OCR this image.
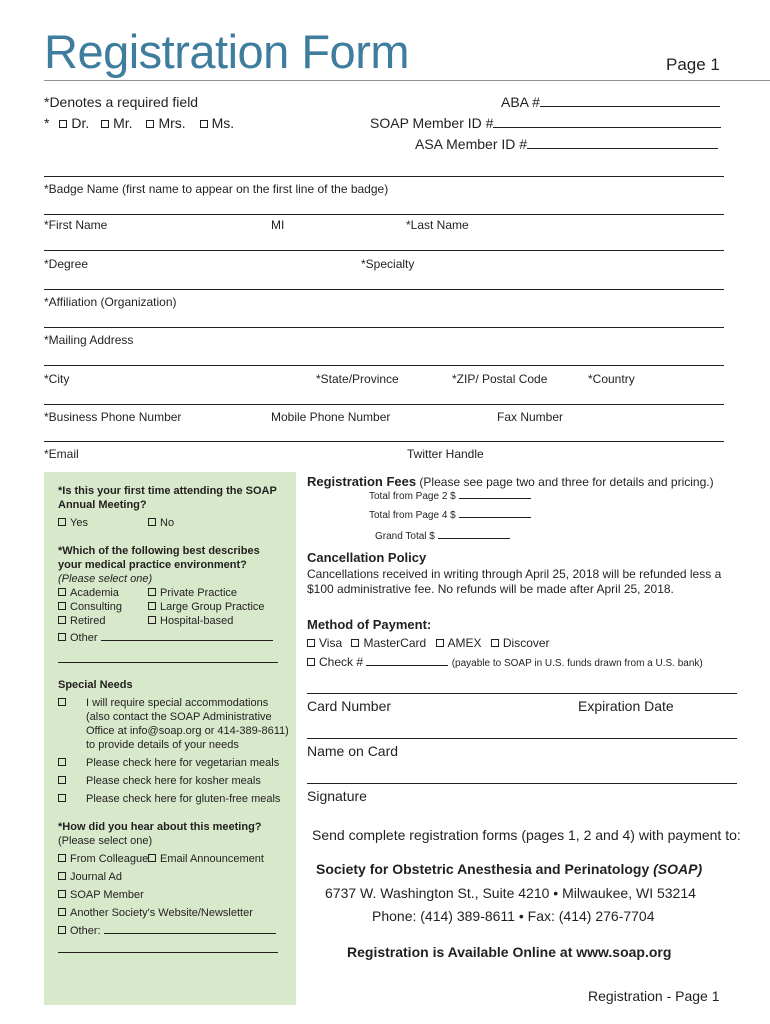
Registration Form	Page 1
*Denotes a required field
* Dr. Mr. Mrs. Ms.
ABA #
SOAP Member ID #
ASA Member ID #
*Badge Name (first name to appear on the first line of the badge)
*First Name	MI	*Last Name
*Degree	*Specialty
*Affiliation (Organization)
*Mailing Address
*City	*State/Province	*ZIP/ Postal Code	*Country
*Business Phone Number	Mobile Phone Number	Fax Number
*Email	Twitter Handle
*Is this your first time attending the SOAP
Annual Meeting?
Yes	No
*Which of the following best describes
your medical practice environment?
(Please select one)
Academia	Private Practice
Consulting	Large Group Practice
Retired	Hospital-based
Other
Special Needs
I will require special accommodations
(also contact the SOAP Administrative
Office at info@soap.org or 414-389-8611)
to provide details of your needs
Please check here for vegetarian meals
Please check here for kosher meals
Please check here for gluten-free meals
*How did you hear about this meeting?
(Please select one)
From Colleague	Email Announcement
Journal Ad
SOAP Member
Another Society's Website/Newsletter
Other:
Registration Fees (Please see page two and three for details and pricing.)
Total from Page 2 $
Total from Page 4 $
Grand Total $
Cancellation Policy
Cancellations received in writing through April 25, 2018 will be refunded less a
$100 administrative fee. No refunds will be made after April 25, 2018.
Method of Payment:
Visa MasterCard AMEX Discover
Check #	(payable to SOAP in U.S. funds drawn from a U.S. bank)
Card Number	Expiration Date
Name on Card
Signature
Send complete registration forms (pages 1, 2 and 4) with payment to:
Society for Obstetric Anesthesia and Perinatology (SOAP)
6737 W. Washington St., Suite 4210 • Milwaukee, WI 53214
Phone: (414) 389-8611 • Fax: (414) 276-7704
Registration is Available Online at www.soap.org
Registration - Page 1
